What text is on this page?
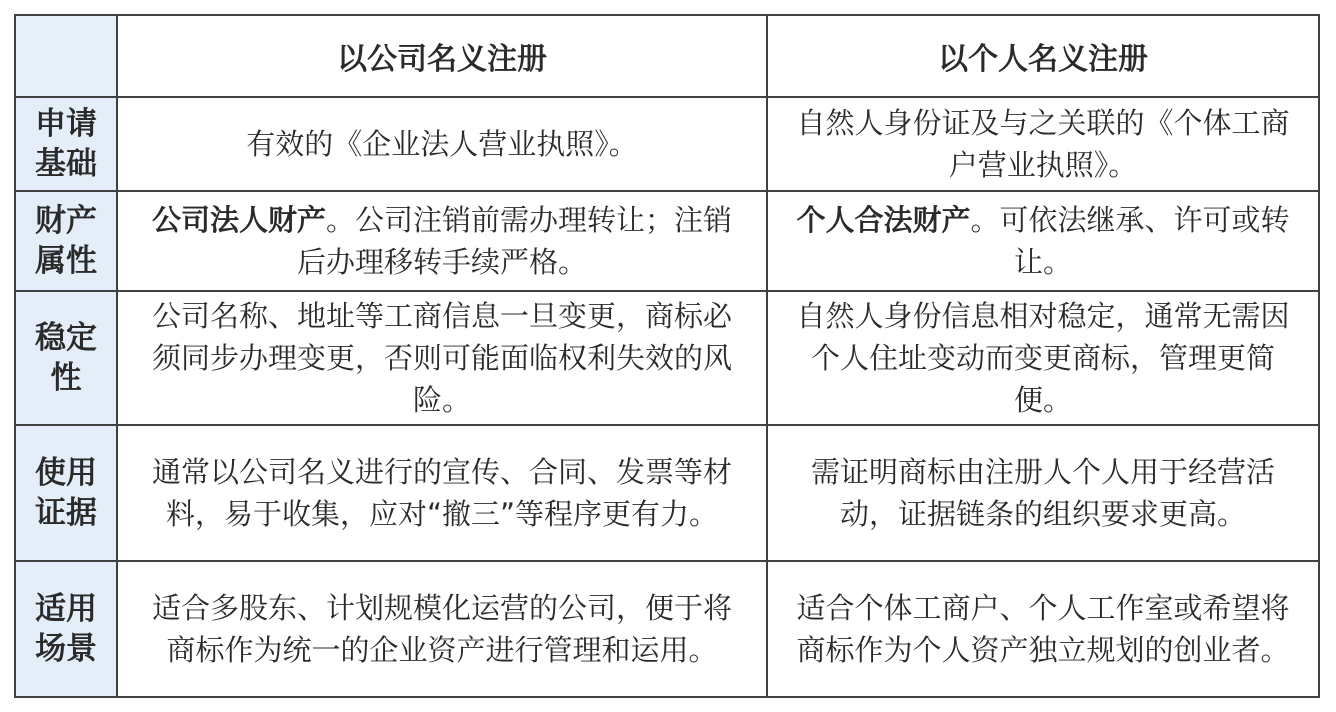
	以公司名义注册	以个人名义注册
申请基础	有效的《企业法人营业执照》。	自然人身份证及与之关联的《个体工商户营业执照》。

财产属性	公司法人财产。公司注销前需办理转让；注销后办理移转手续严格。	个人合法财产。可依法继承、许可或转让。

稳定性	公司名称、地址等工商信息一旦变更，商标必须同步办理变更，否则可能面临权利失效的风险。	自然人身份信息相对稳定，通常无需因个人住址变动而变更商标，管理更简便。

使用证据	通常以公司名义进行的宣传、合同、发票等材料，易于收集，应对“撤三”等程序更有力。	需证明商标由注册人个人用于经营活动，证据链条的组织要求更高。

适用场景	适合多股东、计划规模化运营的公司，便于将商标作为统一的企业资产进行管理和运用。	适合个体工商户、个人工作室或希望将商标作为个人资产独立规划的创业者。
